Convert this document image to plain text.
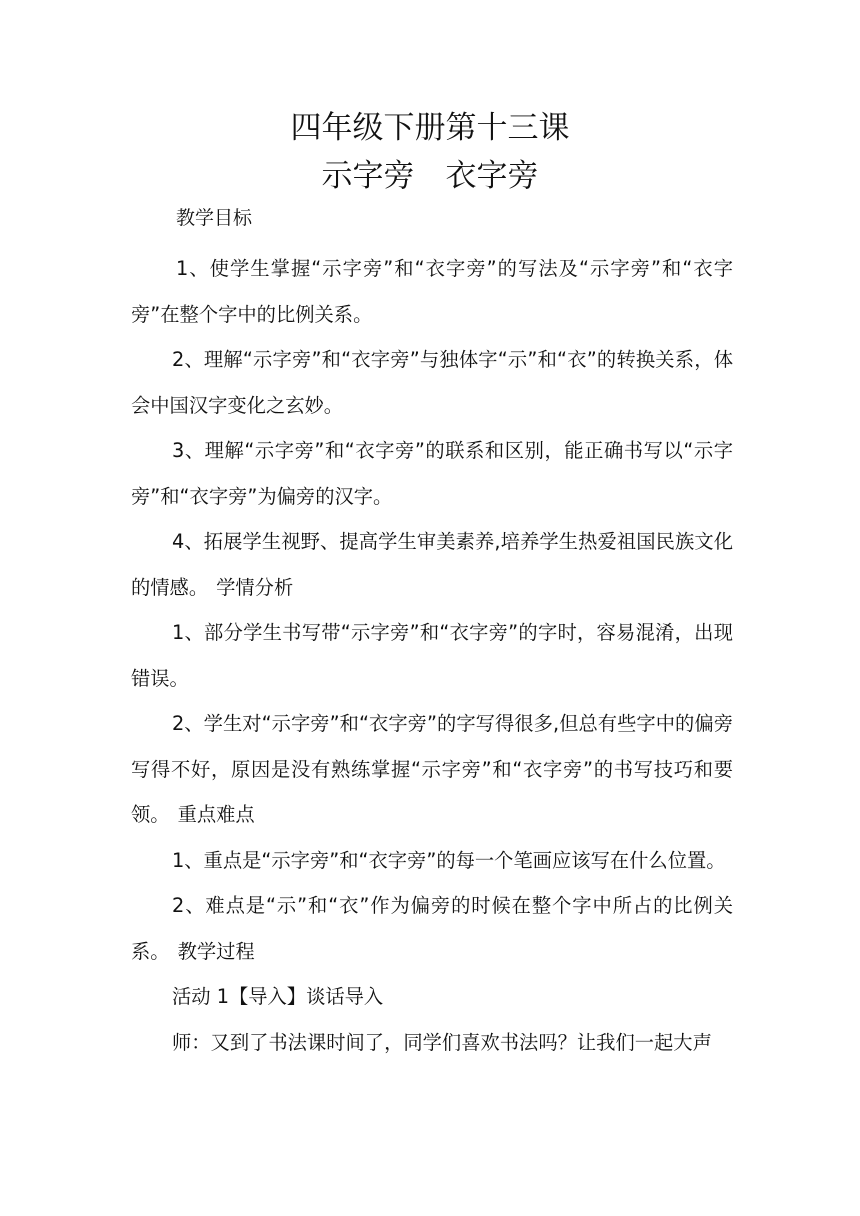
四年级下册第十三课
示字旁　衣字旁
教学目标

1、使学生掌握“示字旁”和“衣字旁”的写法及“示字旁”和“衣字旁”在整个字中的比例关系。

2、理解“示字旁”和“衣字旁”与独体字“示”和“衣”的转换关系，体会中国汉字变化之玄妙。

3、理解“示字旁”和“衣字旁”的联系和区别，能正确书写以“示字旁”和“衣字旁”为偏旁的汉字。

4、拓展学生视野、提高学生审美素养,培养学生热爱祖国民族文化的情感。 学情分析

1、部分学生书写带“示字旁”和“衣字旁”的字时，容易混淆，出现错误。

2、学生对“示字旁”和“衣字旁”的字写得很多,但总有些字中的偏旁写得不好，原因是没有熟练掌握“示字旁”和“衣字旁”的书写技巧和要领。 重点难点

1、重点是“示字旁”和“衣字旁”的每一个笔画应该写在什么位置。

2、难点是“示”和“衣”作为偏旁的时候在整个字中所占的比例关系。 教学过程

活动 1【导入】谈话导入

师：又到了书法课时间了，同学们喜欢书法吗？让我们一起大声
